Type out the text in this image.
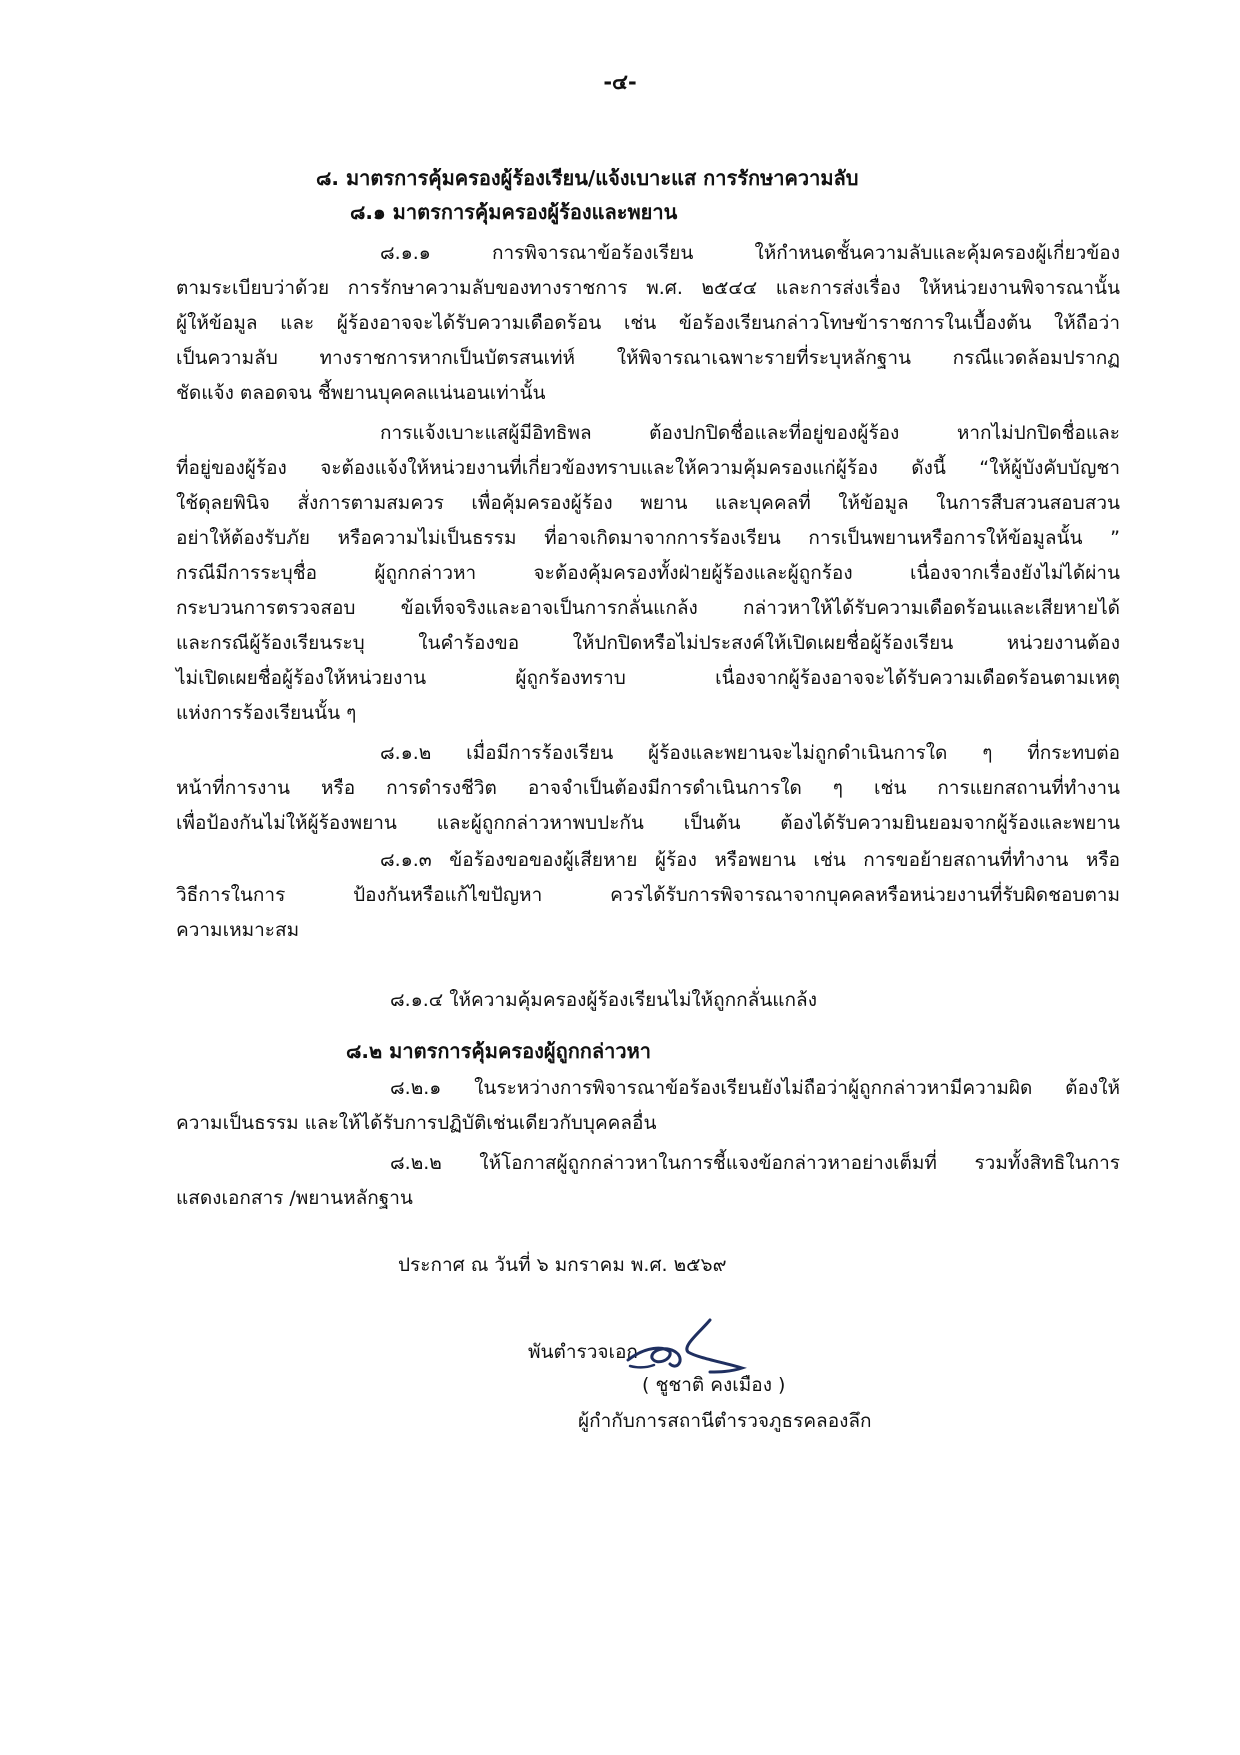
-๔-
๘. มาตรการคุ้มครองผู้ร้องเรียน/แจ้งเบาะแส การรักษาความลับ
๘.๑ มาตรการคุ้มครองผู้ร้องและพยาน
๘.๑.๑ การพิจารณาข้อร้องเรียน ให้กำหนดชั้นความลับและคุ้มครองผู้เกี่ยวข้อง
ตามระเบียบว่าด้วย การรักษาความลับของทางราชการ พ.ศ. ๒๕๔๔ และการส่งเรื่อง ให้หน่วยงานพิจารณานั้น
ผู้ให้ข้อมูล และ ผู้ร้องอาจจะได้รับความเดือดร้อน เช่น ข้อร้องเรียนกล่าวโทษข้าราชการในเบื้องต้น ให้ถือว่า
เป็นความลับ ทางราชการหากเป็นบัตรสนเท่ห์ ให้พิจารณาเฉพาะรายที่ระบุหลักฐาน กรณีแวดล้อมปรากฏ
ชัดแจ้ง ตลอดจน ชี้พยานบุคคลแน่นอนเท่านั้น
การแจ้งเบาะแสผู้มีอิทธิพล ต้องปกปิดชื่อและที่อยู่ของผู้ร้อง หากไม่ปกปิดชื่อและ
ที่อยู่ของผู้ร้อง จะต้องแจ้งให้หน่วยงานที่เกี่ยวข้องทราบและให้ความคุ้มครองแก่ผู้ร้อง ดังนี้ “ให้ผู้บังคับบัญชา
ใช้ดุลยพินิจ สั่งการตามสมควร เพื่อคุ้มครองผู้ร้อง พยาน และบุคคลที่ ให้ข้อมูล ในการสืบสวนสอบสวน
อย่าให้ต้องรับภัย หรือความไม่เป็นธรรม ที่อาจเกิดมาจากการร้องเรียน การเป็นพยานหรือการให้ข้อมูลนั้น ”
กรณีมีการระบุชื่อ ผู้ถูกกล่าวหา จะต้องคุ้มครองทั้งฝ่ายผู้ร้องและผู้ถูกร้อง เนื่องจากเรื่องยังไม่ได้ผ่าน
กระบวนการตรวจสอบ ข้อเท็จจริงและอาจเป็นการกลั่นแกล้ง กล่าวหาให้ได้รับความเดือดร้อนและเสียหายได้
และกรณีผู้ร้องเรียนระบุ ในคำร้องขอ ให้ปกปิดหรือไม่ประสงค์ให้เปิดเผยชื่อผู้ร้องเรียน หน่วยงานต้อง
ไม่เปิดเผยชื่อผู้ร้องให้หน่วยงาน ผู้ถูกร้องทราบ เนื่องจากผู้ร้องอาจจะได้รับความเดือดร้อนตามเหตุ
แห่งการร้องเรียนนั้น ๆ
๘.๑.๒ เมื่อมีการร้องเรียน ผู้ร้องและพยานจะไม่ถูกดำเนินการใด ๆ ที่กระทบต่อ
หน้าที่การงาน หรือ การดำรงชีวิต อาจจำเป็นต้องมีการดำเนินการใด ๆ เช่น การแยกสถานที่ทำงาน
เพื่อป้องกันไม่ให้ผู้ร้องพยาน และผู้ถูกกล่าวหาพบปะกัน เป็นต้น ต้องได้รับความยินยอมจากผู้ร้องและพยาน
๘.๑.๓ ข้อร้องขอของผู้เสียหาย ผู้ร้อง หรือพยาน เช่น การขอย้ายสถานที่ทำงาน หรือ
วิธีการในการ ป้องกันหรือแก้ไขปัญหา ควรได้รับการพิจารณาจากบุคคลหรือหน่วยงานที่รับผิดชอบตาม
ความเหมาะสม
๘.๑.๔ ให้ความคุ้มครองผู้ร้องเรียนไม่ให้ถูกกลั่นแกล้ง
๘.๒ มาตรการคุ้มครองผู้ถูกกล่าวหา
๘.๒.๑ ในระหว่างการพิจารณาข้อร้องเรียนยังไม่ถือว่าผู้ถูกกล่าวหามีความผิด ต้องให้
ความเป็นธรรม และให้ได้รับการปฏิบัติเช่นเดียวกับบุคคลอื่น
๘.๒.๒ ให้โอกาสผู้ถูกกล่าวหาในการชี้แจงข้อกล่าวหาอย่างเต็มที่ รวมทั้งสิทธิในการ
แสดงเอกสาร /พยานหลักฐาน
ประกาศ ณ วันที่ ๖ มกราคม พ.ศ. ๒๕๖๙
พันตำรวจเอก
( ชูชาติ คงเมือง )
ผู้กำกับการสถานีตำรวจภูธรคลองลึก
